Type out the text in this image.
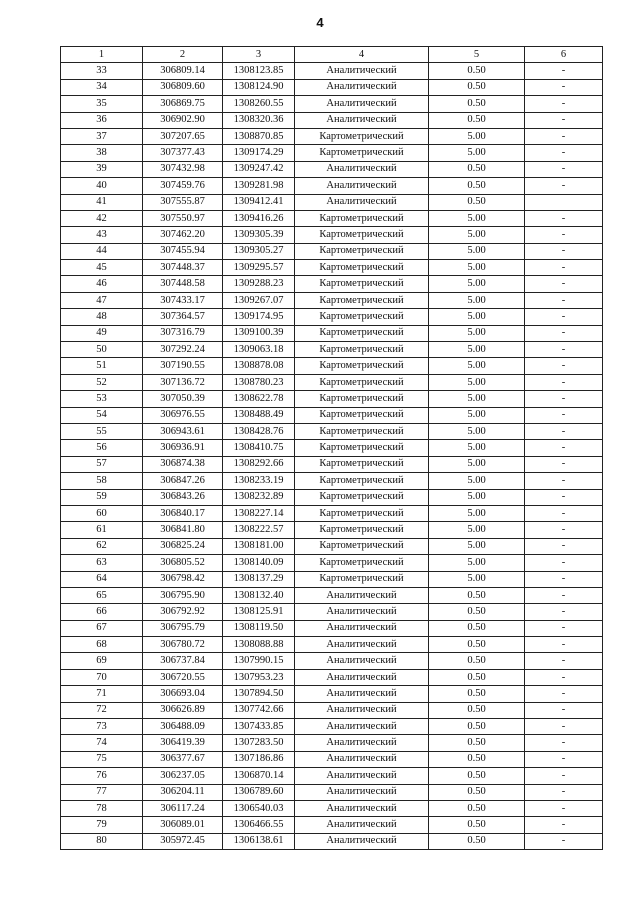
4
1	2	3	4	5	6
33	306809.14	1308123.85	Аналитический	0.50	-
34	306809.60	1308124.90	Аналитический	0.50	-
35	306869.75	1308260.55	Аналитический	0.50	-
36	306902.90	1308320.36	Аналитический	0.50	-
37	307207.65	1308870.85	Картометрический	5.00	-
38	307377.43	1309174.29	Картометрический	5.00	-
39	307432.98	1309247.42	Аналитический	0.50	-
40	307459.76	1309281.98	Аналитический	0.50	-
41	307555.87	1309412.41	Аналитический	0.50	
42	307550.97	1309416.26	Картометрический	5.00	-
43	307462.20	1309305.39	Картометрический	5.00	-
44	307455.94	1309305.27	Картометрический	5.00	-
45	307448.37	1309295.57	Картометрический	5.00	-
46	307448.58	1309288.23	Картометрический	5.00	-
47	307433.17	1309267.07	Картометрический	5.00	-
48	307364.57	1309174.95	Картометрический	5.00	-
49	307316.79	1309100.39	Картометрический	5.00	-
50	307292.24	1309063.18	Картометрический	5.00	-
51	307190.55	1308878.08	Картометрический	5.00	-
52	307136.72	1308780.23	Картометрический	5.00	-
53	307050.39	1308622.78	Картометрический	5.00	-
54	306976.55	1308488.49	Картометрический	5.00	-
55	306943.61	1308428.76	Картометрический	5.00	-
56	306936.91	1308410.75	Картометрический	5.00	-
57	306874.38	1308292.66	Картометрический	5.00	-
58	306847.26	1308233.19	Картометрический	5.00	-
59	306843.26	1308232.89	Картометрический	5.00	-
60	306840.17	1308227.14	Картометрический	5.00	-
61	306841.80	1308222.57	Картометрический	5.00	-
62	306825.24	1308181.00	Картометрический	5.00	-
63	306805.52	1308140.09	Картометрический	5.00	-
64	306798.42	1308137.29	Картометрический	5.00	-
65	306795.90	1308132.40	Аналитический	0.50	-
66	306792.92	1308125.91	Аналитический	0.50	-
67	306795.79	1308119.50	Аналитический	0.50	-
68	306780.72	1308088.88	Аналитический	0.50	-
69	306737.84	1307990.15	Аналитический	0.50	-
70	306720.55	1307953.23	Аналитический	0.50	-
71	306693.04	1307894.50	Аналитический	0.50	-
72	306626.89	1307742.66	Аналитический	0.50	-
73	306488.09	1307433.85	Аналитический	0.50	-
74	306419.39	1307283.50	Аналитический	0.50	-
75	306377.67	1307186.86	Аналитический	0.50	-
76	306237.05	1306870.14	Аналитический	0.50	-
77	306204.11	1306789.60	Аналитический	0.50	-
78	306117.24	1306540.03	Аналитический	0.50	-
79	306089.01	1306466.55	Аналитический	0.50	-
80	305972.45	1306138.61	Аналитический	0.50	-
